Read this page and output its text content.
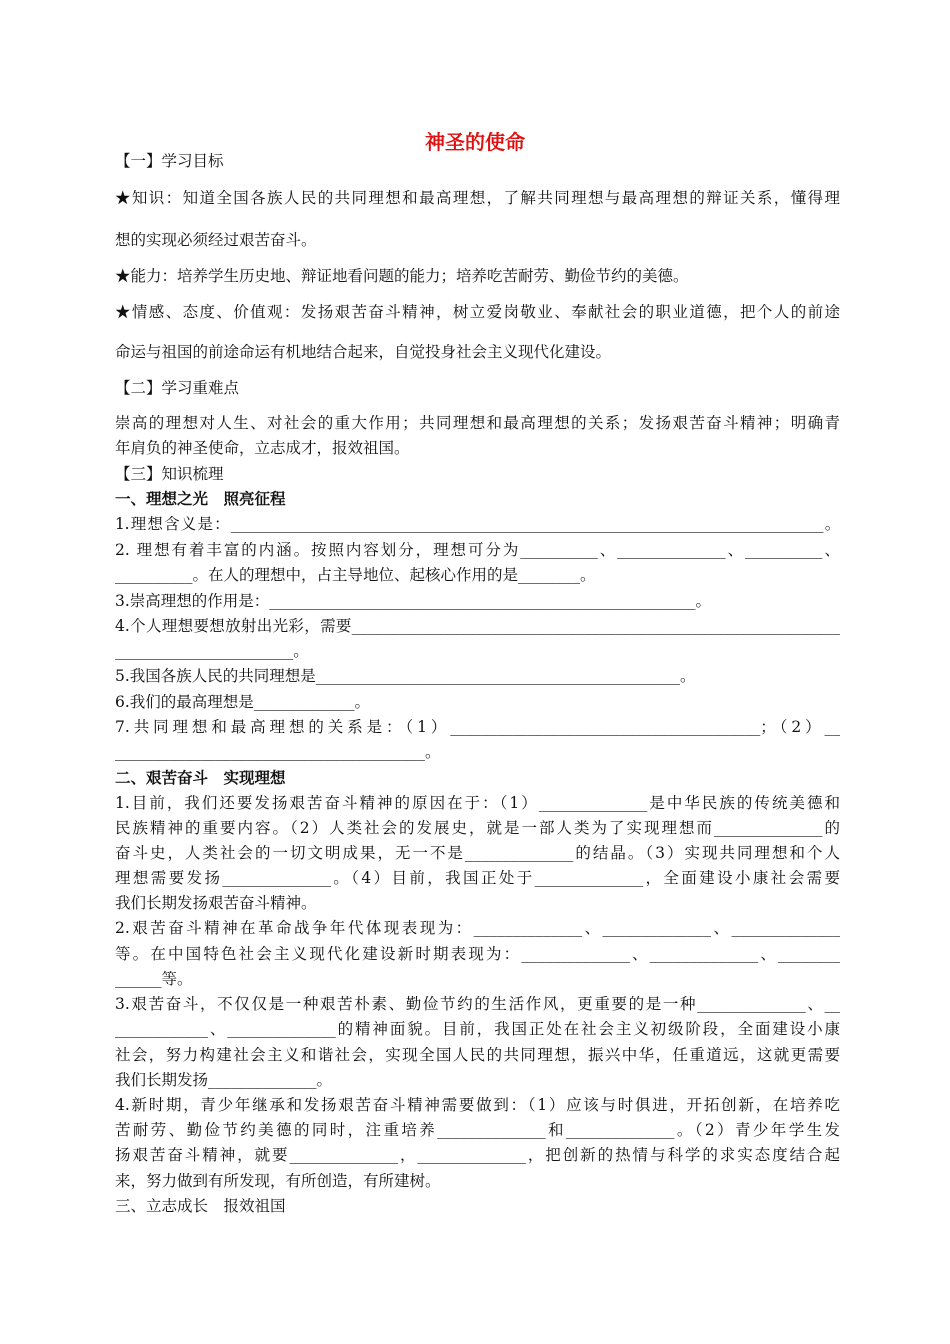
神圣的使命
【一】学习目标
★知识：知道全国各族人民的共同理想和最高理想，了解共同理想与最高理想的辩证关系，懂得理
想的实现必须经过艰苦奋斗。
★能力：培养学生历史地、辩证地看问题的能力；培养吃苦耐劳、勤俭节约的美德。
★情感、态度、价值观：发扬艰苦奋斗精神，树立爱岗敬业、奉献社会的职业道德，把个人的前途
命运与祖国的前途命运有机地结合起来，自觉投身社会主义现代化建设。
【二】学习重难点
崇高的理想对人生、对社会的重大作用；共同理想和最高理想的关系；发扬艰苦奋斗精神；明确青
年肩负的神圣使命，立志成才，报效祖国。
【三】知识梳理
一、理想之光　照亮征程
1.理想含义是：_______________________________________________________________________________。
2. 理想有着丰富的内涵。按照内容划分，理想可分为__________、______________、__________、
__________。在人的理想中，占主导地位、起核心作用的是________。
3.崇高理想的作用是：_______________________________________________________。
4.个人理想要想放射出光彩，需要_______________________________________________________________
_______________________。
5.我国各族人民的共同理想是_______________________________________________。
6.我们的最高理想是_____________。
7.共同理想和最高理想的关系是：（1）________________________________________；（2）__
________________________________________。
二、艰苦奋斗　实现理想
1.目前，我们还要发扬艰苦奋斗精神的原因在于：（1）______________是中华民族的传统美德和
民族精神的重要内容。（2）人类社会的发展史，就是一部人类为了实现理想而______________的
奋斗史，人类社会的一切文明成果，无一不是______________的结晶。（3）实现共同理想和个人
理想需要发扬______________。（4）目前，我国正处于______________，全面建设小康社会需要
我们长期发扬艰苦奋斗精神。
2.艰苦奋斗精神在革命战争年代体现表现为：______________、______________、______________
等。在中国特色社会主义现代化建设新时期表现为：______________、______________、________
______等。
3.艰苦奋斗，不仅仅是一种艰苦朴素、勤俭节约的生活作风，更重要的是一种______________、__
____________、______________的精神面貌。目前，我国正处在社会主义初级阶段，全面建设小康
社会，努力构建社会主义和谐社会，实现全国人民的共同理想，振兴中华，任重道远，这就更需要
我们长期发扬______________。
4.新时期，青少年继承和发扬艰苦奋斗精神需要做到：（1）应该与时俱进，开拓创新，在培养吃
苦耐劳、勤俭节约美德的同时，注重培养______________和______________。（2）青少年学生发
扬艰苦奋斗精神，就要______________，______________，把创新的热情与科学的求实态度结合起
来，努力做到有所发现，有所创造，有所建树。
三、立志成长　报效祖国
